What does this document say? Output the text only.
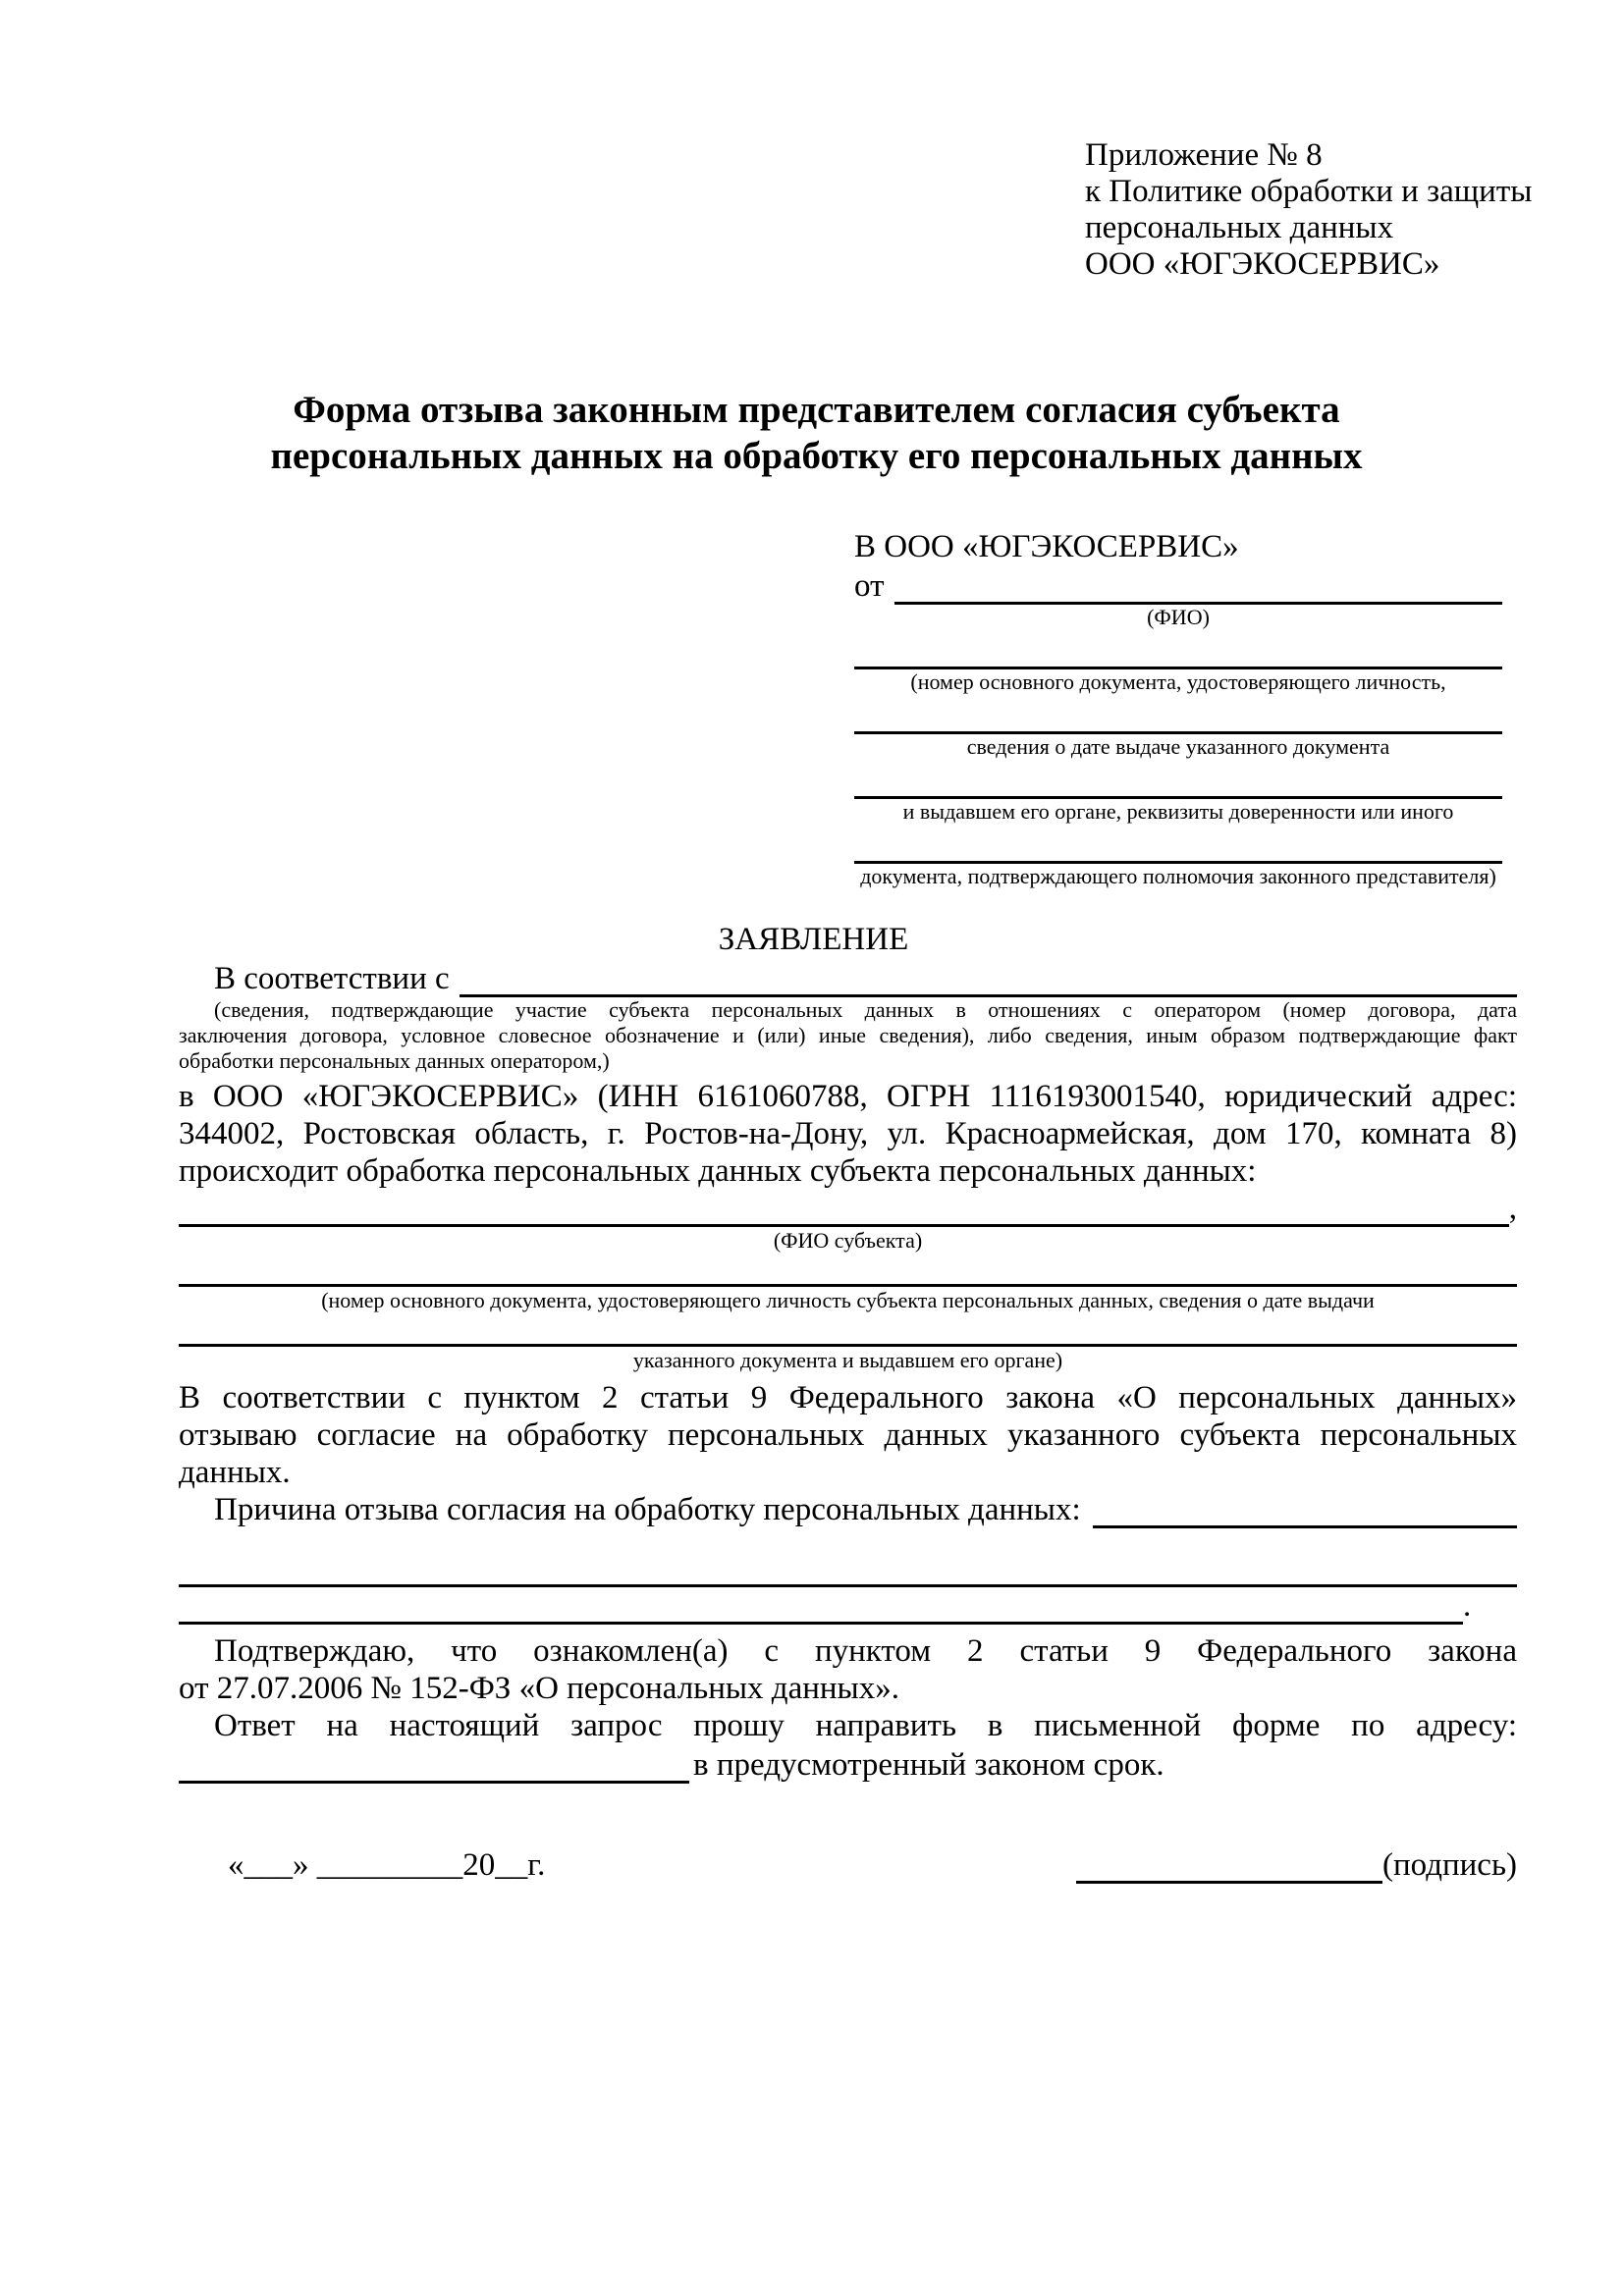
Приложение № 8
к Политике обработки и защиты
персональных данных
ООО «ЮГЭКОСЕРВИС»
Форма отзыва законным представителем согласия субъекта
персональных данных на обработку его персональных данных
В ООО «ЮГЭКОСЕРВИС»
от
(ФИО)
(номер основного документа, удостоверяющего личность,
сведения о дате выдаче указанного документа
и выдавшем его органе, реквизиты доверенности или иного
документа, подтверждающего полномочия законного представителя)
ЗАЯВЛЕНИЕ
В соответствии с
(сведения, подтверждающие участие субъекта персональных данных в отношениях с оператором (номер договора, дата
заключения договора, условное словесное обозначение и (или) иные сведения), либо сведения, иным образом подтверждающие факт
обработки персональных данных оператором,)
в ООО «ЮГЭКОСЕРВИС» (ИНН 6161060788, ОГРН 1116193001540, юридический адрес:
344002, Ростовская область, г. Ростов-на-Дону, ул. Красноармейская, дом 170, комната 8)
происходит обработка персональных данных субъекта персональных данных:
,
(ФИО субъекта)
(номер основного документа, удостоверяющего личность субъекта персональных данных, сведения о дате выдачи
указанного документа и выдавшем его органе)
В соответствии с пунктом 2 статьи 9 Федерального закона «О персональных данных»
отзываю согласие на обработку персональных данных указанного субъекта персональных
данных.
Причина отзыва согласия на обработку персональных данных:
.
Подтверждаю, что ознакомлен(а) с пунктом 2 статьи 9 Федерального закона
от 27.07.2006 № 152-ФЗ «О персональных данных».
Ответ на настоящий запрос прошу направить в письменной форме по адресу:
в предусмотренный законом срок.
«___» _________20__г.	(подпись)
